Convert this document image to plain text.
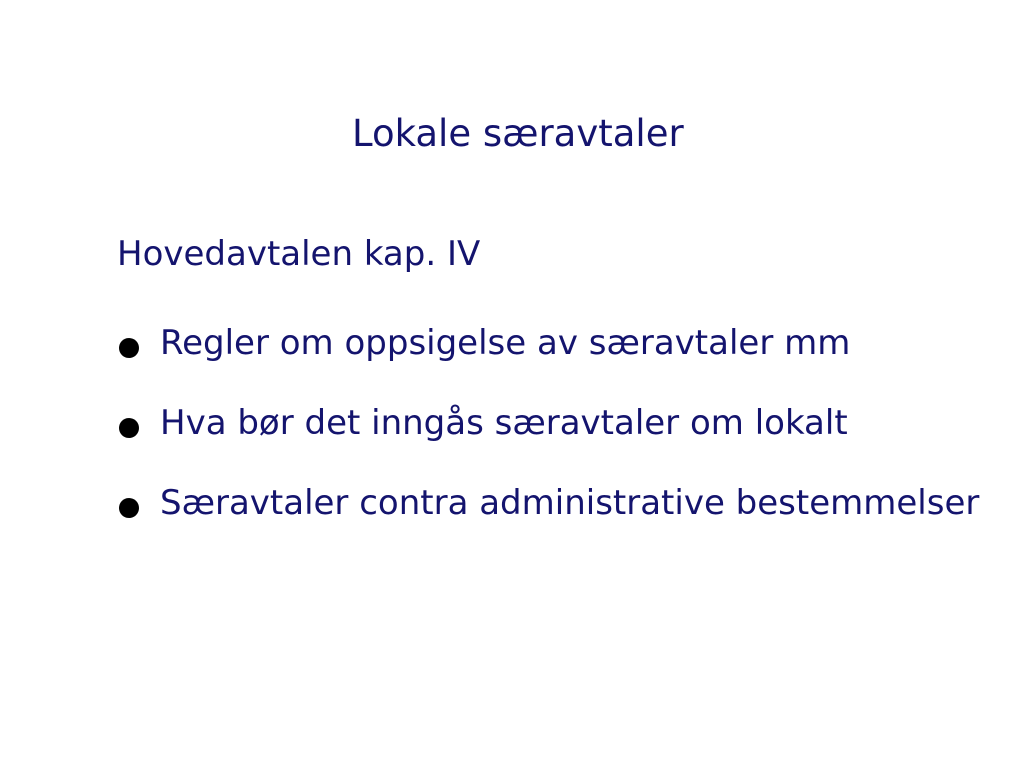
Lokale særavtaler
Hovedavtalen kap. IV
Regler om oppsigelse av særavtaler mm
Hva bør det inngås særavtaler om lokalt
Særavtaler contra administrative bestemmelser
